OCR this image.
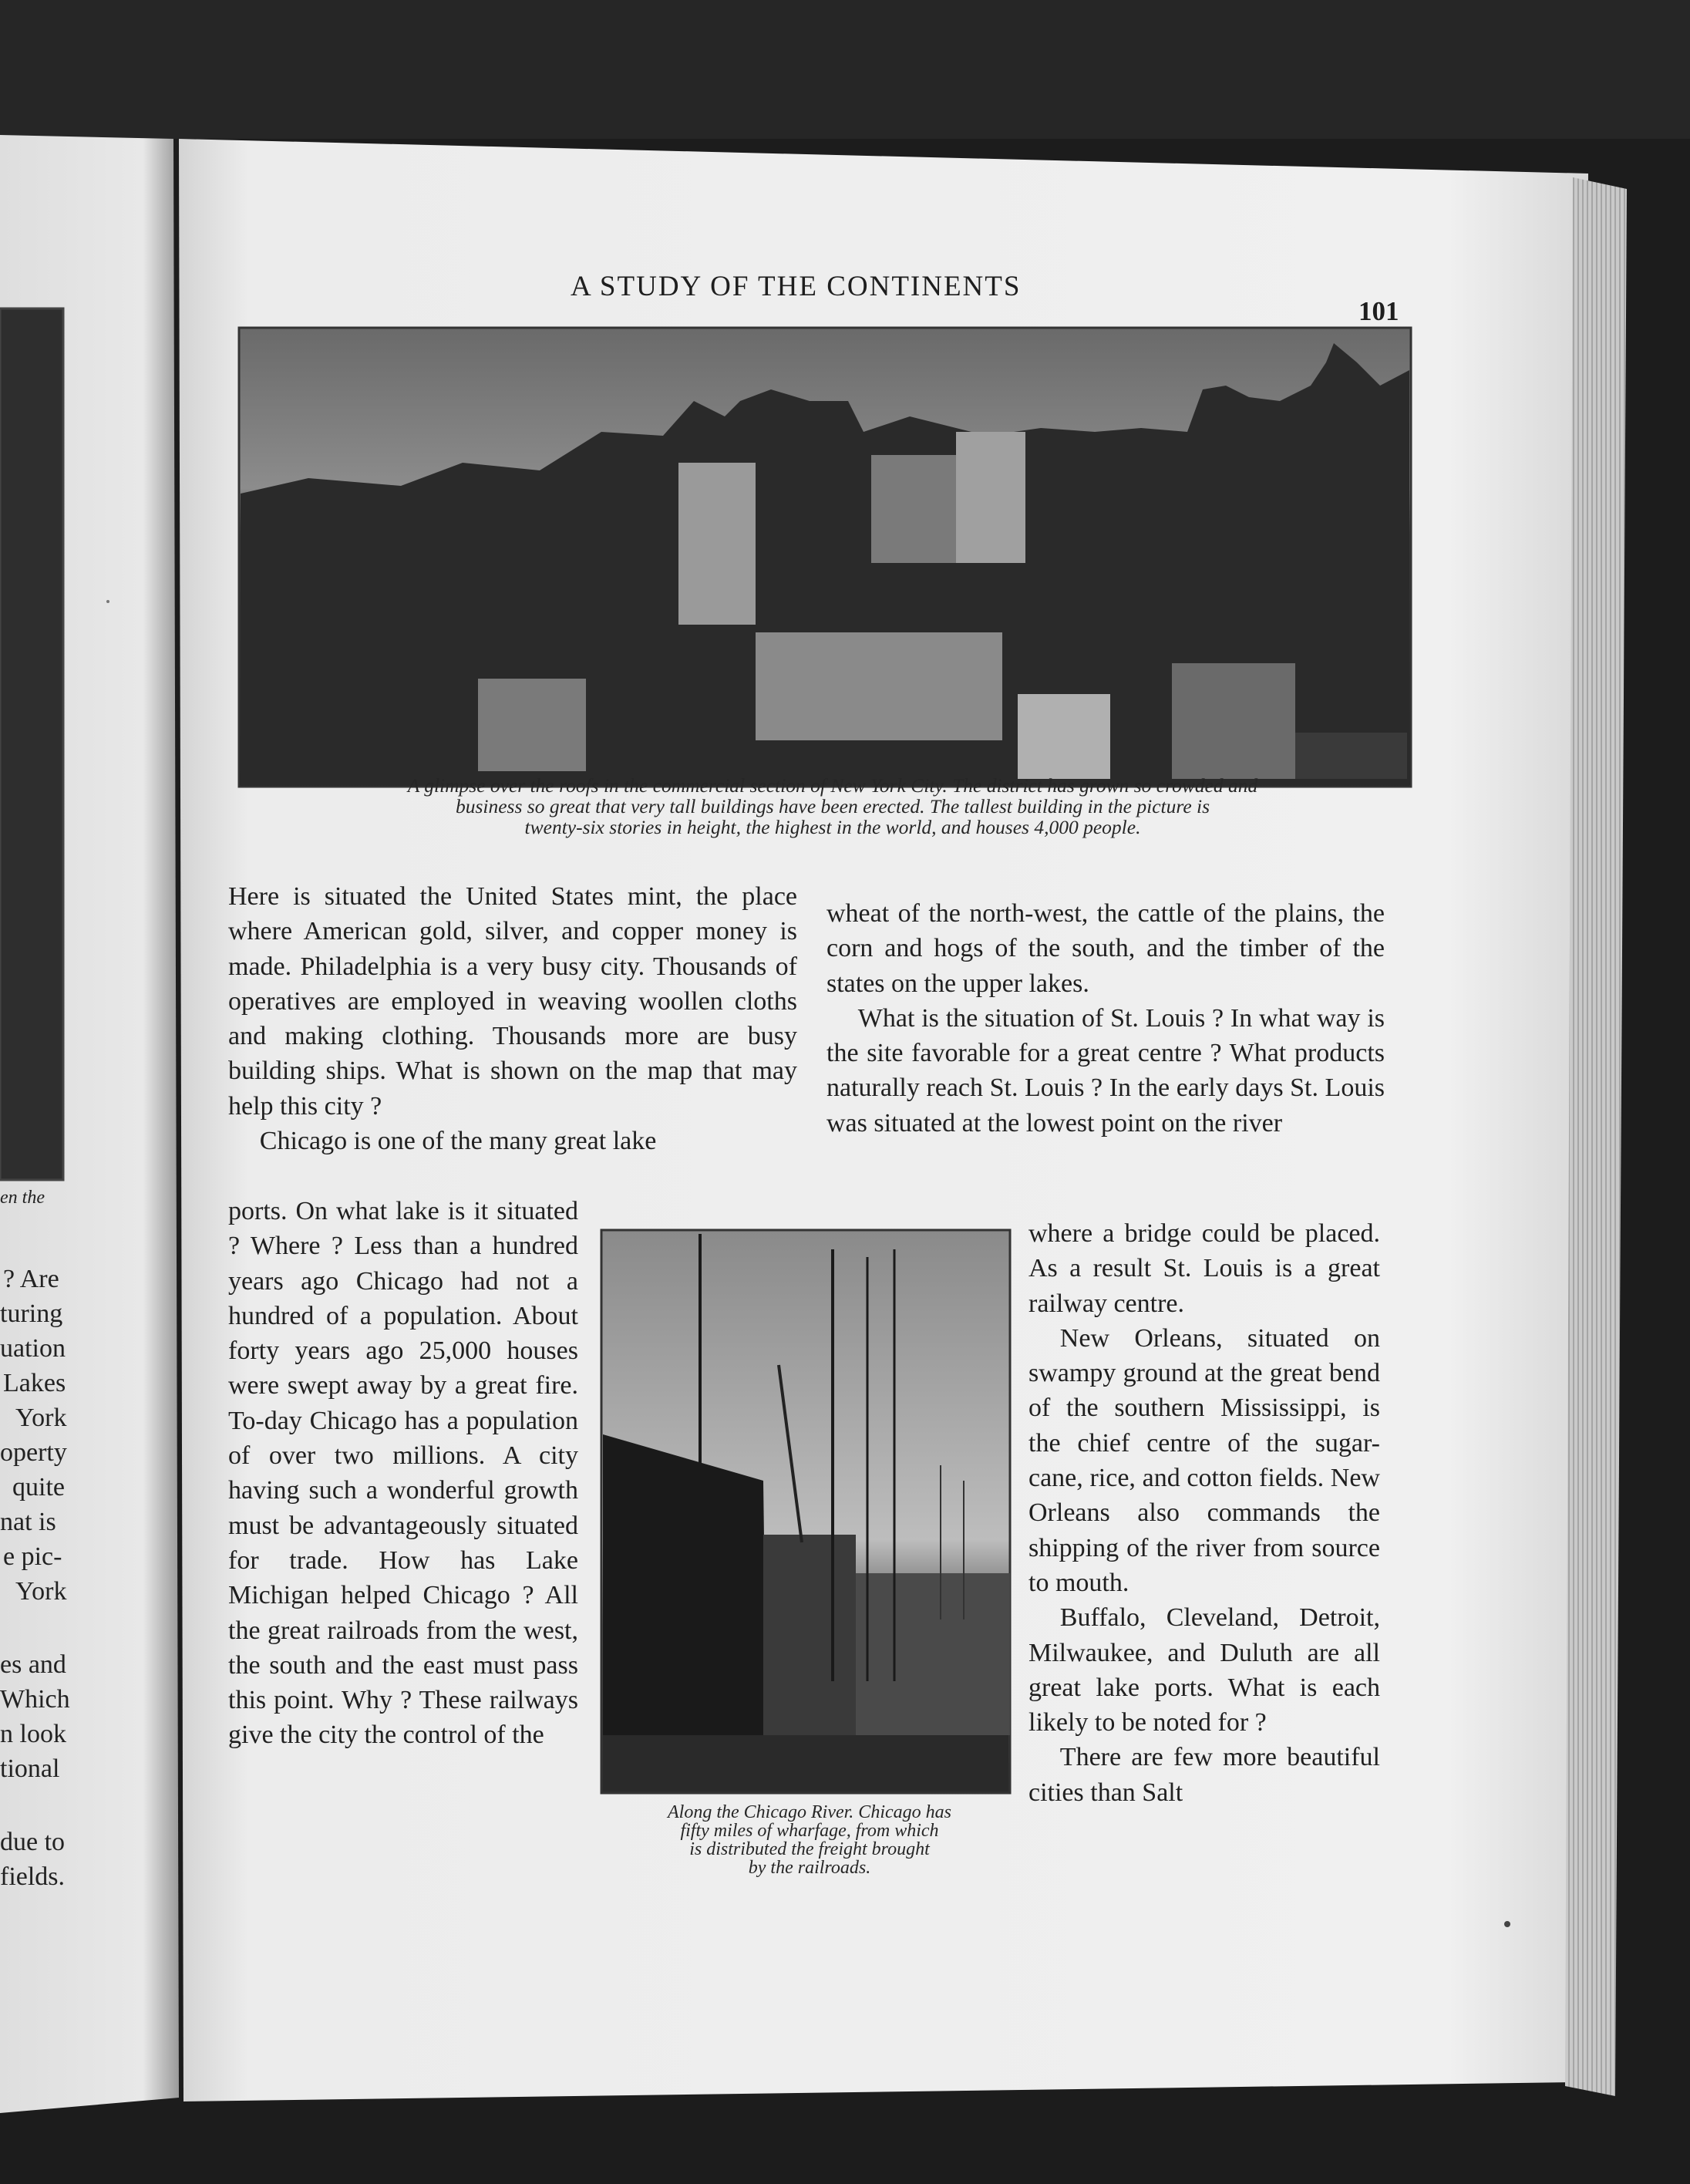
A STUDY OF THE CONTINENTS
101
A glimpse over the roofs in the commercial section of New York City. The district has grown so crowded and
business so great that very tall buildings have been erected. The tallest building in the picture is
twenty-six stories in height, the highest in the world, and houses 4,000 people.

Here is situated the United States mint, the place where American gold, silver, and copper money is made. Philadelphia is a very busy city. Thousands of operatives are employed in weaving woollen cloths and making clothing. Thousands more are busy building ships. What is shown on the map that may help this city ?

Chicago is one of the many great lake

ports. On what lake is it situated ? Where ? Less than a hundred years ago Chicago had not a hundred of a population. About forty years ago 25,000 houses were swept away by a great fire. To-day Chicago has a population of over two millions. A city having such a wonderful growth must be advantageously situated for trade. How has Lake Michigan helped Chicago ? All the great railroads from the west, the south and the east must pass this point. Why ? These railways give the city the control of the

Along the Chicago River. Chicago has
fifty miles of wharfage, from which
is distributed the freight brought
by the railroads.

wheat of the north-west, the cattle of the plains, the corn and hogs of the south, and the timber of the states on the upper lakes.

What is the situation of St. Louis ? In what way is the site favorable for a great centre ? What products naturally reach St. Louis ? In the early days St. Louis was situated at the lowest point on the river

where a bridge could be placed. As a result St. Louis is a great railway centre.

New Orleans, situated on swampy ground at the great bend of the southern Mississippi, is the chief centre of the sugar-cane, rice, and cotton fields. New Orleans also commands the shipping of the river from source to mouth.

Buffalo, Cleveland, Detroit, Milwaukee, and Duluth are all great lake ports. What is each likely to be noted for ?

There are few more beautiful cities than Salt

en the
? Are
turing
uation
Lakes
York
operty
quite
nat is
e pic-
York
es and
Which
n look
tional
due to
fields.
